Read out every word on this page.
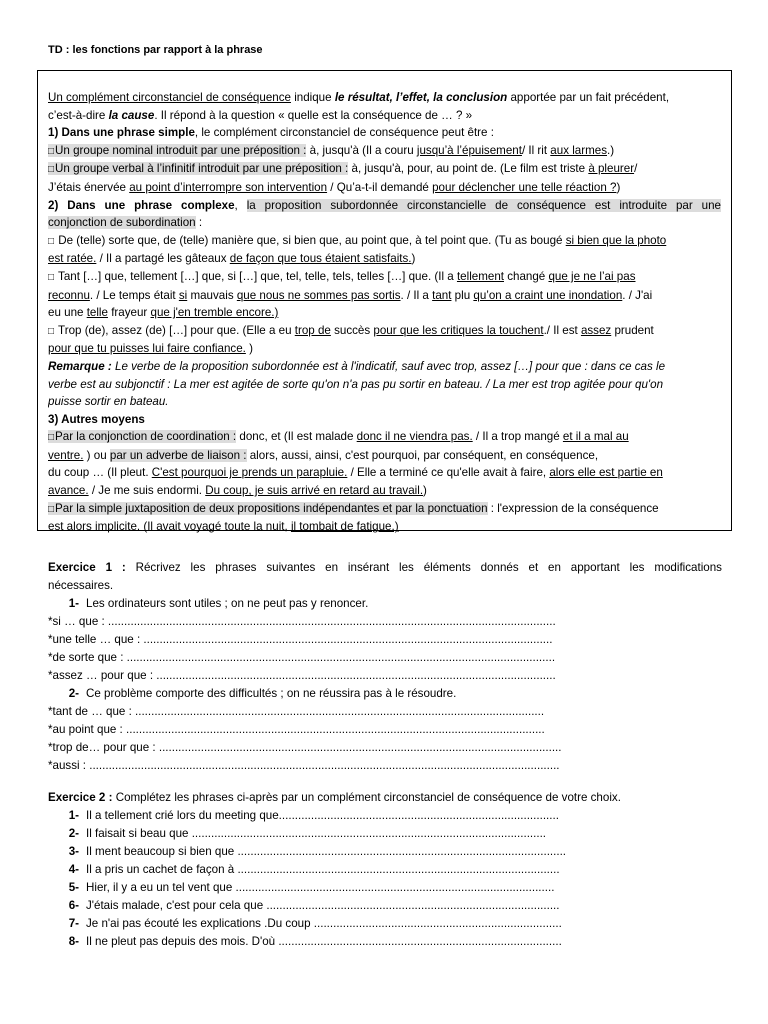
TD : les fonctions par rapport à la phrase
Un complément circonstanciel de conséquence indique le résultat, l’effet, la conclusion apportée par un fait précédent,
c’est-à-dire la cause. Il répond à la question « quelle est la conséquence de … ? »
1) Dans une phrase simple, le complément circonstanciel de conséquence peut être :
□ Un groupe nominal introduit par une préposition : à, jusqu'à (Il a couru jusqu’à l’épuisement/ Il rit aux larmes.)
□ Un groupe verbal à l’infinitif introduit par une préposition : à, jusqu'à, pour, au point de. (Le film est triste à pleurer/
J’étais énervée au point d’interrompre son intervention / Qu’a-t-il demandé pour déclencher une telle réaction ?)
2) Dans une phrase complexe, la proposition subordonnée circonstancielle de conséquence est introduite par une
conjonction de subordination :
□ De (telle) sorte que, de (telle) manière que, si bien que, au point que, à tel point que. (Tu as bougé si bien que la photo
est ratée. / Il a partagé les gâteaux de façon que tous étaient satisfaits.)
□ Tant […] que, tellement […] que, si […] que, tel, telle, tels, telles […] que. (Il a tellement changé que je ne l’ai pas
reconnu. / Le temps était si mauvais que nous ne sommes pas sortis. / Il a tant plu qu’on a craint une inondation. / J'ai
eu une telle frayeur que j'en tremble encore.)
□ Trop (de), assez (de) […] pour que. (Elle a eu trop de succès pour que les critiques la touchent./ Il est assez prudent
pour que tu puisses lui faire confiance. )
Remarque : Le verbe de la proposition subordonnée est à l'indicatif, sauf avec trop, assez […] pour que : dans ce cas le
verbe est au subjonctif : La mer est agitée de sorte qu'on n'a pas pu sortir en bateau. / La mer est trop agitée pour qu'on
puisse sortir en bateau.
3) Autres moyens
□ Par la conjonction de coordination : donc, et (Il est malade donc il ne viendra pas. / Il a trop mangé et il a mal au
ventre. ) ou par un adverbe de liaison : alors, aussi, ainsi, c'est pourquoi, par conséquent, en conséquence,
du coup … (Il pleut. C'est pourquoi je prends un parapluie. / Elle a terminé ce qu'elle avait à faire, alors elle est partie en
avance. / Je me suis endormi. Du coup, je suis arrivé en retard au travail.)
□ Par la simple juxtaposition de deux propositions indépendantes et par la ponctuation : l'expression de la conséquence
est alors implicite. (Il avait voyagé toute la nuit, il tombait de fatigue.)
Exercice 1 : Récrivez les phrases suivantes en insérant les éléments donnés et en apportant les modifications
nécessaires.
1- Les ordinateurs sont utiles ; on ne peut pas y renoncer.
*si … que : ...........................................................................................................................................
*une telle … que : ...............................................................................................................................
*de sorte que : .....................................................................................................................................
*assez … pour que : ............................................................................................................................
2- Ce problème comporte des difficultés ; on ne réussira pas à le résoudre.
*tant de … que : ...............................................................................................................................
*au point que : ..................................................................................................................................
*trop de… pour que : .............................................................................................................................
*aussi : ..................................................................................................................................................
Exercice 2 : Complétez les phrases ci-après par un complément circonstanciel de conséquence de votre choix.
1- Il a tellement crié lors du meeting que.......................................................................................
2- Il faisait si beau que ..............................................................................................................
3- Il ment beaucoup si bien que ......................................................................................................
4- Il a pris un cachet de façon à ....................................................................................................
5- Hier, il y a eu un tel vent que ...................................................................................................
6- J'étais malade, c'est pour cela que ...........................................................................................
7- Je n'ai pas écouté les explications .Du coup .............................................................................
8- Il ne pleut pas depuis des mois. D'où ........................................................................................
